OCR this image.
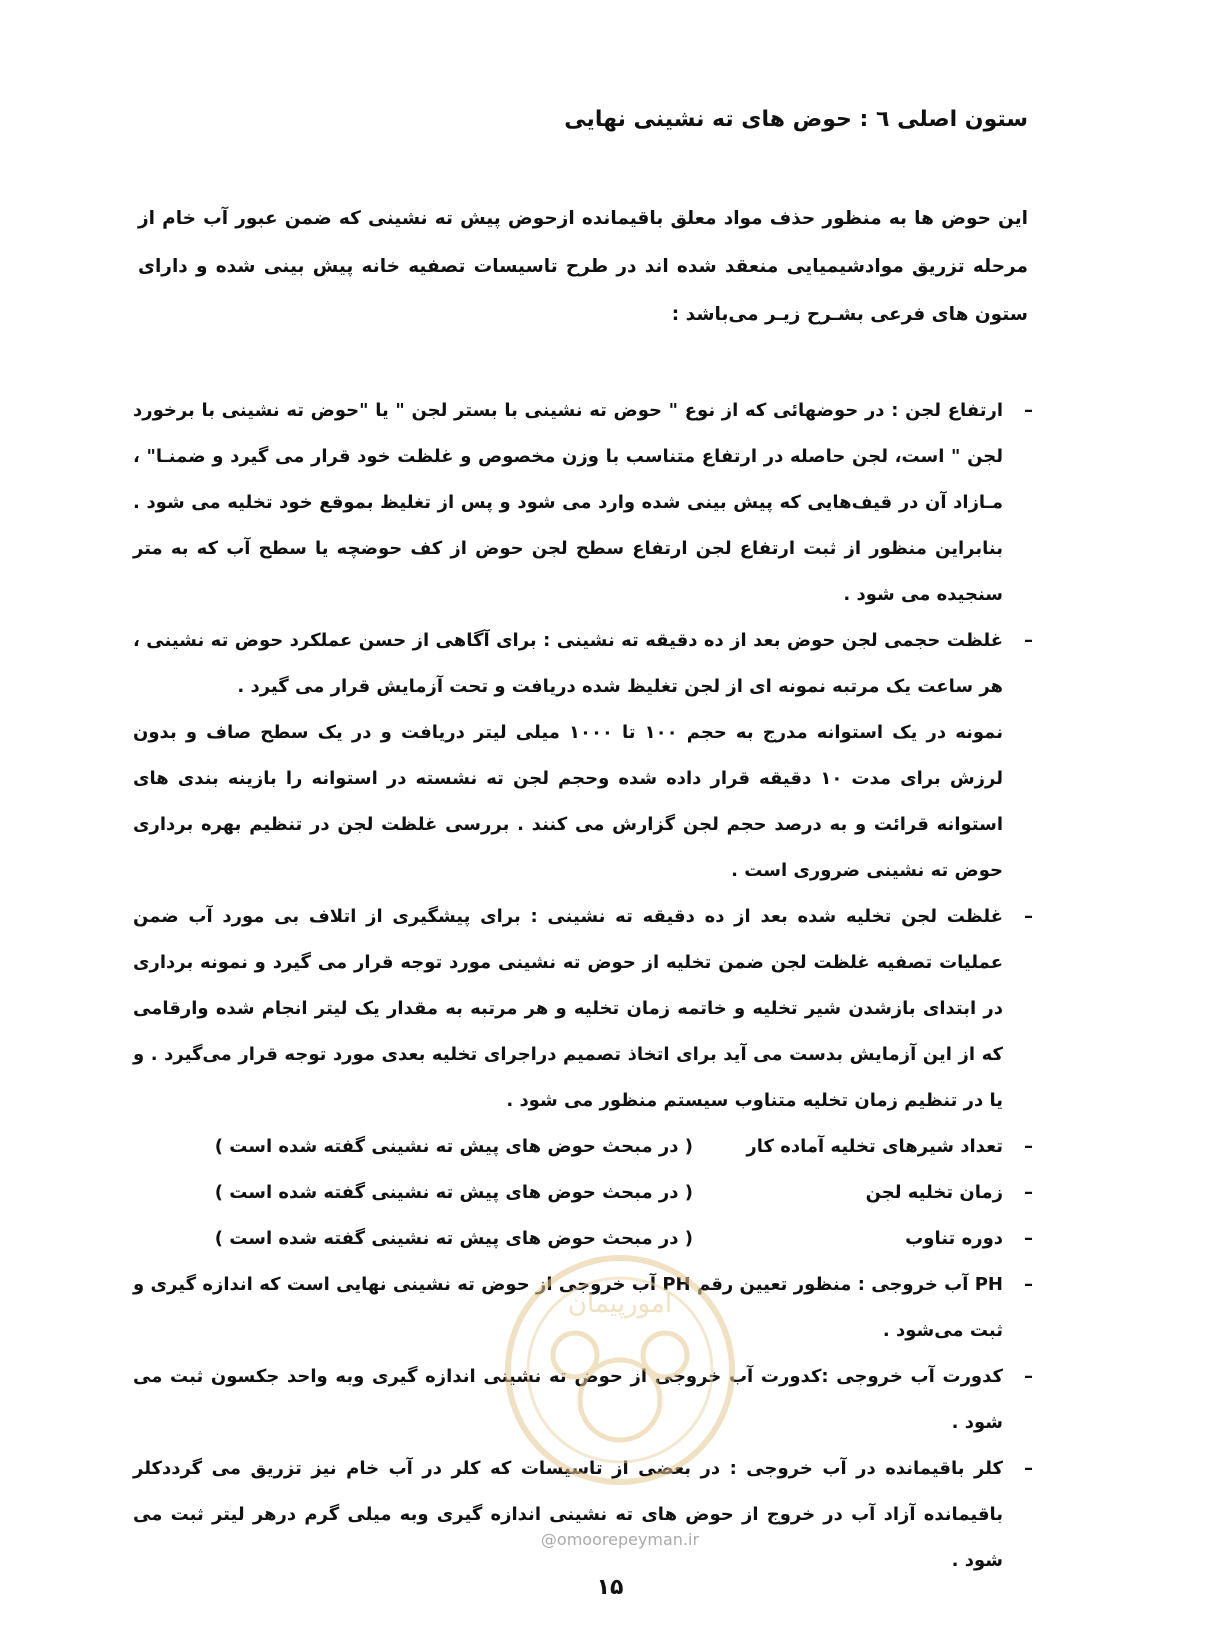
ستون اصلی ٦ : حوض های ته نشینی نهایی
این حوض ها به منظور حذف مواد معلق باقیمانده ازحوض پیش ته نشینی که ضمن عبور آب خام از مرحله تزریق موادشیمیایی منعقد شده اند در طرح تاسیسات تصفیه خانه پیش بینی شده و دارای ستون های فرعی بشـرح زیـر می‌باشد :
–
ارتفاع لجن : در حوضهائی که از نوع " حوض ته نشینی با بستر لجن " یا "حوض ته نشینی با برخورد لجن " است، لجن حاصله در ارتفاع متناسب با وزن مخصوص و غلظت خود قرار می گیرد و ضمنـا" ، مـازاد آن در قیف‌هایی که پیش بینی شده وارد می شود و پس از تغلیظ بموقع خود تخلیه می شود . بنابراین منظور از ثبت ارتفاع لجن ارتفاع سطح لجن حوض از کف حوضچه یا سطح آب که به متر سنجیده می شود .
–
غلظت حجمی لجن حوض بعد از ده دقیقه ته نشینی : برای آگاهی از حسن عملکرد حوض ته نشینی ، هر ساعت یک مرتبه نمونه ای از لجن تغلیظ شده دریافت و تحت آزمایش قرار می گیرد .
نمونه در یک استوانه مدرج به حجم ١٠٠ تا ١٠٠٠ میلی لیتر دریافت و در یک سطح صاف و بدون لرزش برای مدت ١٠ دقیقه قرار داده شده وحجم لجن ته نشسته در استوانه را بازینه بندی های استوانه قرائت و به درصد حجم لجن گزارش می کنند . بررسی غلظت لجن در تنظیم بهره برداری حوض ته نشینی ضروری است .
–
غلظت لجن تخلیه شده بعد از ده دقیقه ته نشینی : برای پیشگیری از اتلاف بی مورد آب ضمن عملیات تصفیه غلظت لجن ضمن تخلیه از حوض ته نشینی مورد توجه قرار می گیرد و نمونه برداری در ابتدای بازشدن شیر تخلیه و خاتمه زمان تخلیه و هر مرتبه به مقدار یک لیتر انجام شده وارقامی که از این آزمایش بدست می آید برای اتخاذ تصمیم دراجرای تخلیه بعدی مورد توجه قرار می‌گیرد . و یا در تنظیم زمان تخلیه متناوب سیستم منظور می شود .
–
تعداد شیرهای تخلیه آماده کار
( در مبحث حوض های پیش ته نشینی گفته شده است )
–
زمان تخلیه لجن
( در مبحث حوض های پیش ته نشینی گفته شده است )
–
دوره تناوب
( در مبحث حوض های پیش ته نشینی گفته شده است )
–
PH آب خروجی : منظور تعیین رقم PH آب خروجی از حوض ته نشینی نهایی است که اندازه گیری و ثبت می‌شود .
–
کدورت آب خروجی :کدورت آب خروجی از حوض ته نشینی اندازه گیری وبه واحد جکسون ثبت می شود .
–
کلر باقیمانده در آب خروجی : در بعضی از تاسیسات که کلر در آب خام نیز تزریق می گرددکلر باقیمانده آزاد آب در خروج از حوض های ته نشینی اندازه گیری وبه میلی گرم درهر لیتر ثبت می شود .
امورپیمان
@omoorepeyman.ir
١۵
